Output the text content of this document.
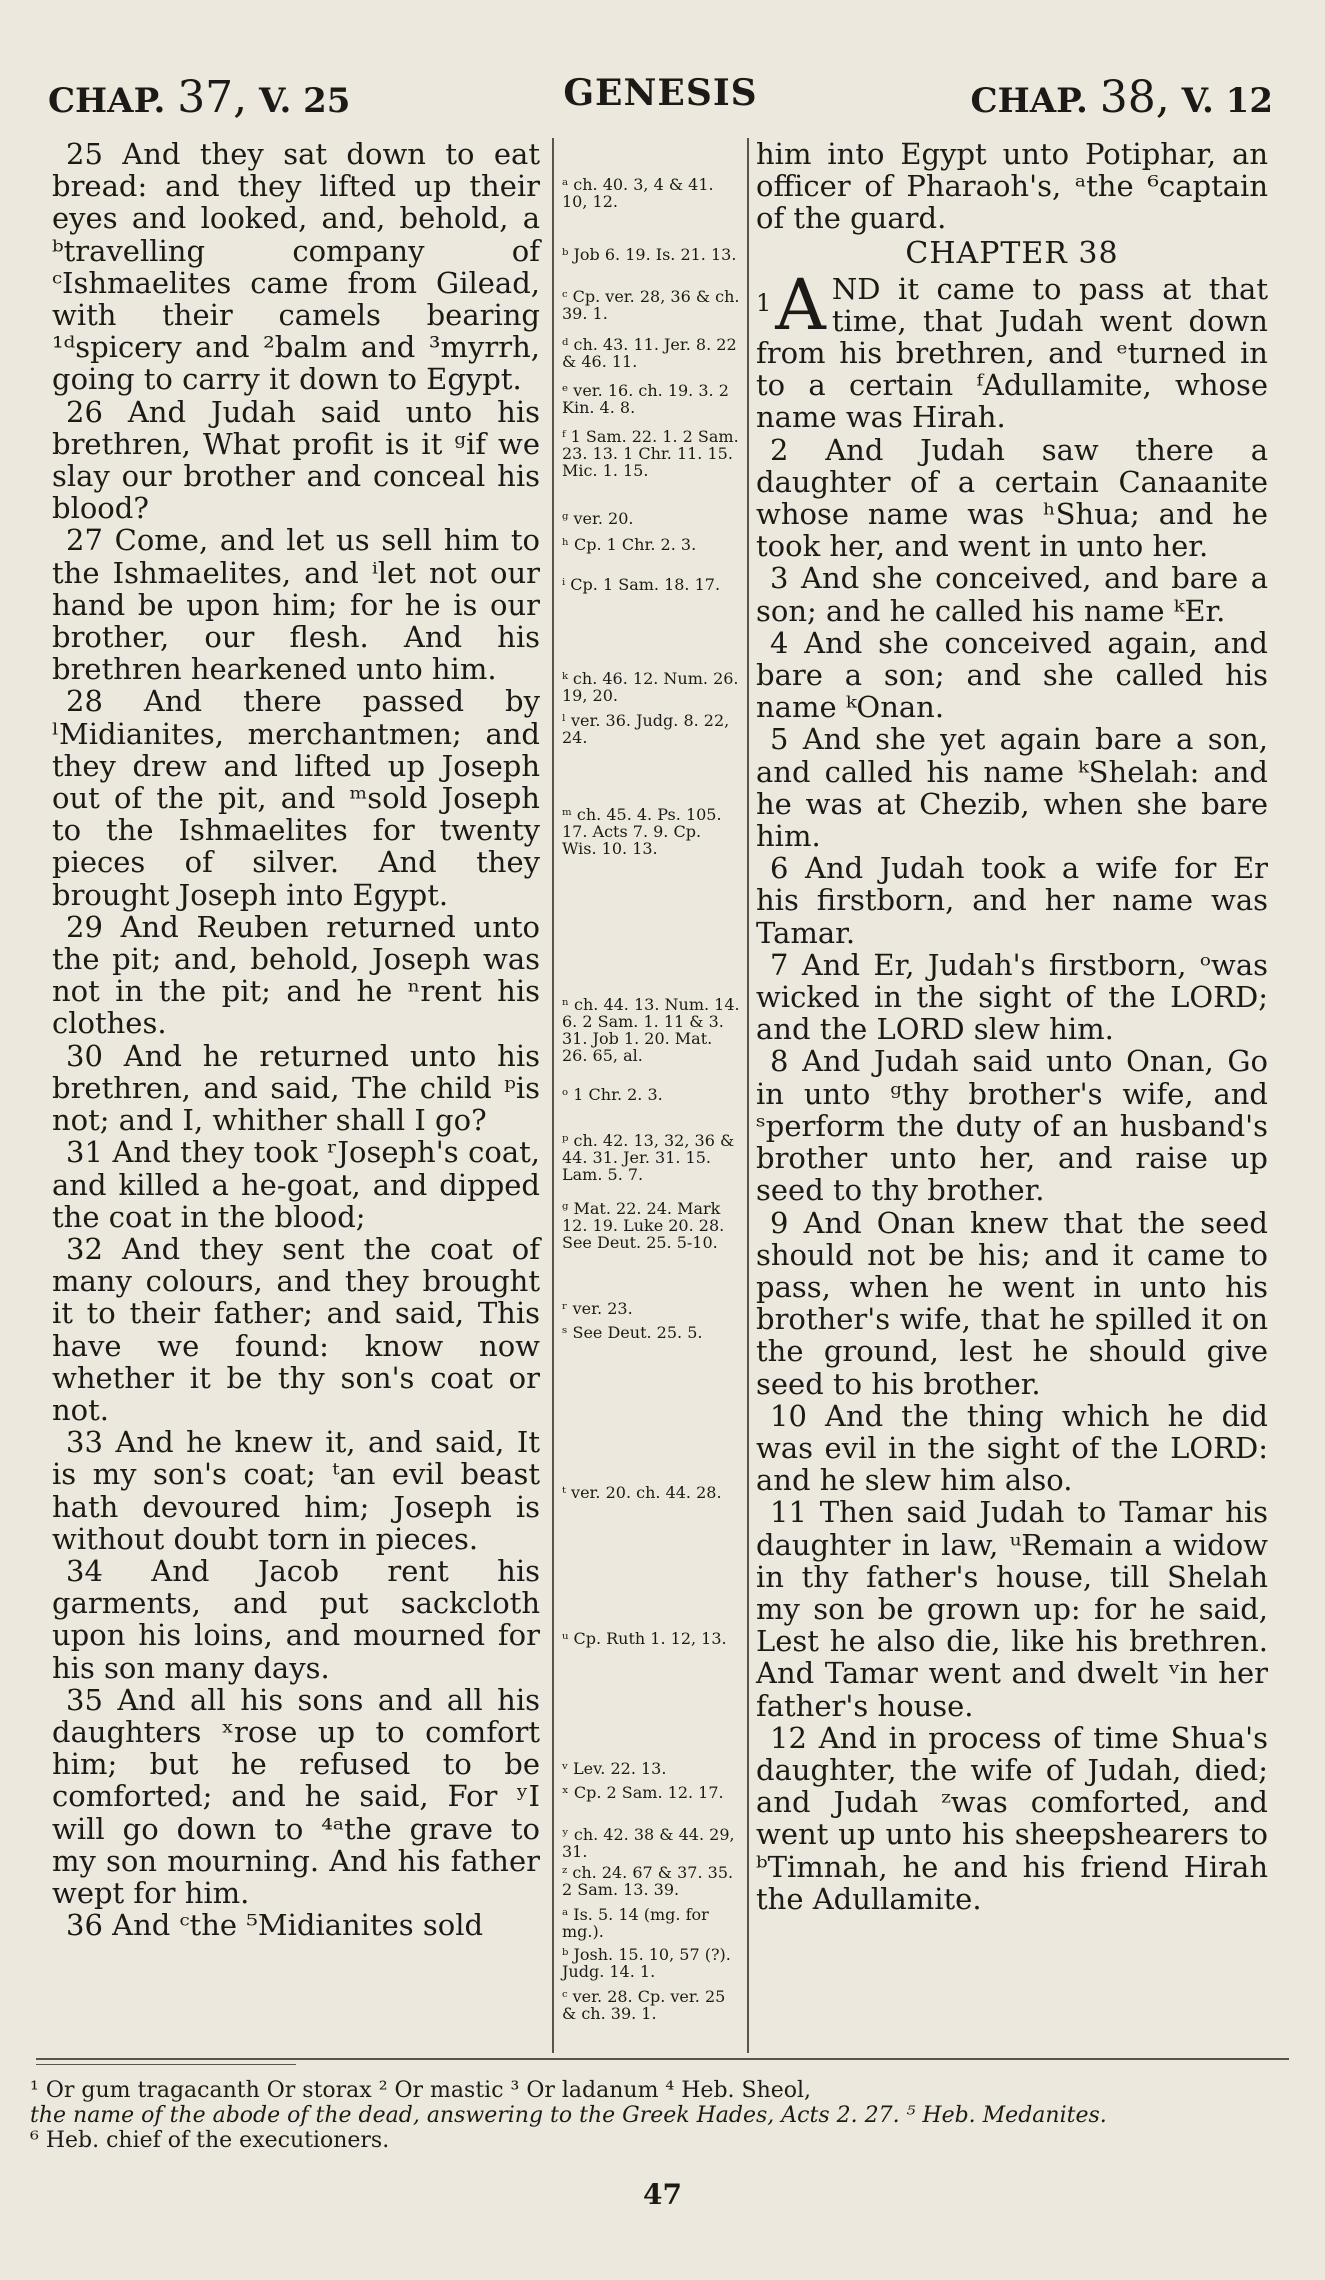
CHAP. 37, V. 25	GENESIS	CHAP. 38, V. 12

25 And they sat down to eat bread: and they lifted up their eyes and looked, and, behold, a ᵇtravelling company of ᶜIshmaelites came from Gilead, with their camels bearing ¹ᵈspicery and ²balm and ³myrrh, going to carry it down to Egypt.

26 And Judah said unto his brethren, What profit is it ᵍif we slay our brother and conceal his blood?

27 Come, and let us sell him to the Ishmaelites, and ⁱlet not our hand be upon him; for he is our brother, our flesh. And his brethren hearkened unto him.

28 And there passed by ˡMidianites, merchantmen; and they drew and lifted up Joseph out of the pit, and ᵐsold Joseph to the Ishmaelites for twenty pieces of silver. And they brought Joseph into Egypt.

29 And Reuben returned unto the pit; and, behold, Joseph was not in the pit; and he ⁿrent his clothes.

30 And he returned unto his brethren, and said, The child ᵖis not; and I, whither shall I go?

31 And they took ʳJoseph's coat, and killed a he-goat, and dipped the coat in the blood;

32 And they sent the coat of many colours, and they brought it to their father; and said, This have we found: know now whether it be thy son's coat or not.

33 And he knew it, and said, It is my son's coat; ᵗan evil beast hath devoured him; Joseph is without doubt torn in pieces.

34 And Jacob rent his garments, and put sackcloth upon his loins, and mourned for his son many days.

35 And all his sons and all his daughters ˣrose up to comfort him; but he refused to be comforted; and he said, For ʸI will go down to ⁴ᵃthe grave to my son mourning. And his father wept for him.

36 And ᶜthe ⁵Midianites sold

ᵃ ch. 40. 3, 4 & 41. 10, 12.

ᵇ Job 6. 19. Is. 21. 13.

ᶜ Cp. ver. 28, 36 & ch. 39. 1.

ᵈ ch. 43. 11. Jer. 8. 22 & 46. 11.

ᵉ ver. 16. ch. 19. 3. 2 Kin. 4. 8.

ᶠ 1 Sam. 22. 1. 2 Sam. 23. 13. 1 Chr. 11. 15. Mic. 1. 15.

ᵍ ver. 20.

ʰ Cp. 1 Chr. 2. 3.

ⁱ Cp. 1 Sam. 18. 17.

ᵏ ch. 46. 12. Num. 26. 19, 20.

ˡ ver. 36. Judg. 8. 22, 24.

ᵐ ch. 45. 4. Ps. 105. 17. Acts 7. 9. Cp. Wis. 10. 13.

ⁿ ch. 44. 13. Num. 14. 6. 2 Sam. 1. 11 & 3. 31. Job 1. 20. Mat. 26. 65, al.

ᵒ 1 Chr. 2. 3.

ᵖ ch. 42. 13, 32, 36 & 44. 31. Jer. 31. 15. Lam. 5. 7.

ᵍ Mat. 22. 24. Mark 12. 19. Luke 20. 28. See Deut. 25. 5-10.

ʳ ver. 23.

ˢ See Deut. 25. 5.

ᵗ ver. 20. ch. 44. 28.

ᵘ Cp. Ruth 1. 12, 13.

ᵛ Lev. 22. 13.

ˣ Cp. 2 Sam. 12. 17.

ʸ ch. 42. 38 & 44. 29, 31.

ᶻ ch. 24. 67 & 37. 35. 2 Sam. 13. 39.

ᵃ Is. 5. 14 (mg. for mg.).

ᵇ Josh. 15. 10, 57 (?). Judg. 14. 1.

ᶜ ver. 28. Cp. ver. 25 & ch. 39. 1.

him into Egypt unto Potiphar, an officer of Pharaoh's, ᵃthe ⁶captain of the guard.

CHAPTER 38

1 A ND it came to pass at that time, that Judah went down from his brethren, and ᵉturned in to a certain ᶠAdullamite, whose name was Hirah.

2 And Judah saw there a daughter of a certain Canaanite whose name was ʰShua; and he took her, and went in unto her.

3 And she conceived, and bare a son; and he called his name ᵏEr.

4 And she conceived again, and bare a son; and she called his name ᵏOnan.

5 And she yet again bare a son, and called his name ᵏShelah: and he was at Chezib, when she bare him.

6 And Judah took a wife for Er his firstborn, and her name was Tamar.

7 And Er, Judah's firstborn, ᵒwas wicked in the sight of the LORD; and the LORD slew him.

8 And Judah said unto Onan, Go in unto ᵍthy brother's wife, and ˢperform the duty of an husband's brother unto her, and raise up seed to thy brother.

9 And Onan knew that the seed should not be his; and it came to pass, when he went in unto his brother's wife, that he spilled it on the ground, lest he should give seed to his brother.

10 And the thing which he did was evil in the sight of the LORD: and he slew him also.

11 Then said Judah to Tamar his daughter in law, ᵘRemain a widow in thy father's house, till Shelah my son be grown up: for he said, Lest he also die, like his brethren. And Tamar went and dwelt ᵛin her father's house.

12 And in process of time Shua's daughter, the wife of Judah, died; and Judah ᶻwas comforted, and went up unto his sheepshearers to ᵇTimnah, he and his friend Hirah the Adullamite.

¹ Or gum tragacanth Or storax ² Or mastic ³ Or ladanum ⁴ Heb. Sheol,

the name of the abode of the dead, answering to the Greek Hades, Acts 2. 27. ⁵ Heb. Medanites.

⁶ Heb. chief of the executioners.

47
